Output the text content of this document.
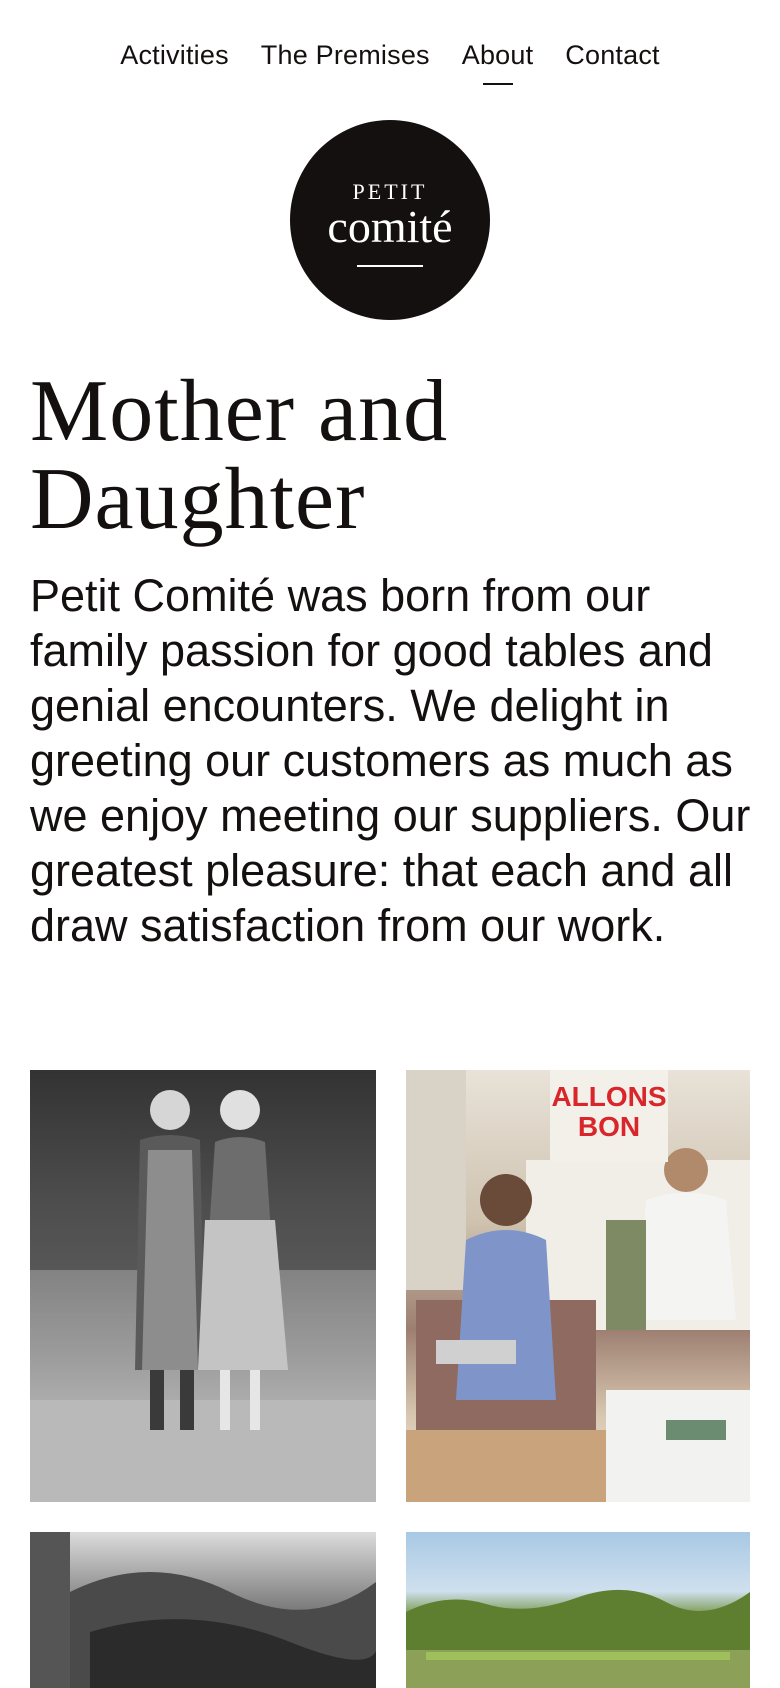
Activities The Premises About Contact
PETIT
comité
Mother and Daughter

Petit Comité was born from our family passion for good tables and genial encounters. We delight in greeting our customers as much as we enjoy meeting our suppliers. Our greatest pleasure: that each and all draw satisfaction from our work.

ALLONS
BON
